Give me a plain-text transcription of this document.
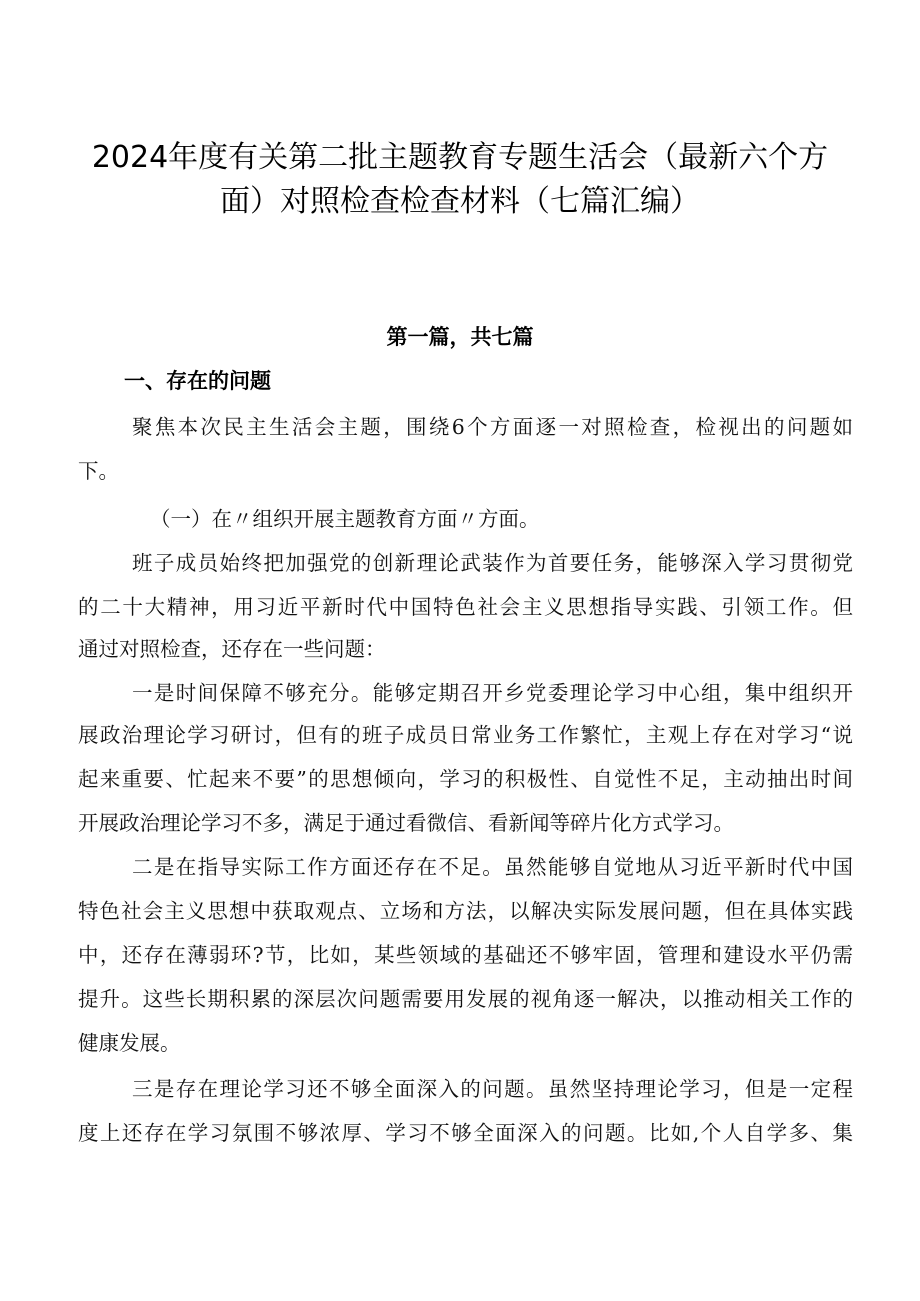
2024年度有关第二批主题教育专题生活会（最新六个方
面）对照检查检查材料（七篇汇编）
第一篇，共七篇
一、存在的问题
聚焦本次民主生活会主题，围绕6个方面逐一对照检查，检视出的问题如
下。
（一）在〃组织开展主题教育方面〃方面。
班子成员始终把加强党的创新理论武装作为首要任务，能够深入学习贯彻党
的二十大精神，用习近平新时代中国特色社会主义思想指导实践、引领工作。但
通过对照检查，还存在一些问题：
一是时间保障不够充分。能够定期召开乡党委理论学习中心组，集中组织开
展政治理论学习研讨，但有的班子成员日常业务工作繁忙，主观上存在对学习“说
起来重要、忙起来不要”的思想倾向，学习的积极性、自觉性不足，主动抽出时间
开展政治理论学习不多，满足于通过看微信、看新闻等碎片化方式学习。
二是在指导实际工作方面还存在不足。虽然能够自觉地从习近平新时代中国
特色社会主义思想中获取观点、立场和方法，以解决实际发展问题，但在具体实践
中，还存在薄弱环?节，比如，某些领域的基础还不够牢固，管理和建设水平仍需
提升。这些长期积累的深层次问题需要用发展的视角逐一解决，以推动相关工作的
健康发展。
三是存在理论学习还不够全面深入的问题。虽然坚持理论学习，但是一定程
度上还存在学习氛围不够浓厚、学习不够全面深入的问题。比如,个人自学多、集
